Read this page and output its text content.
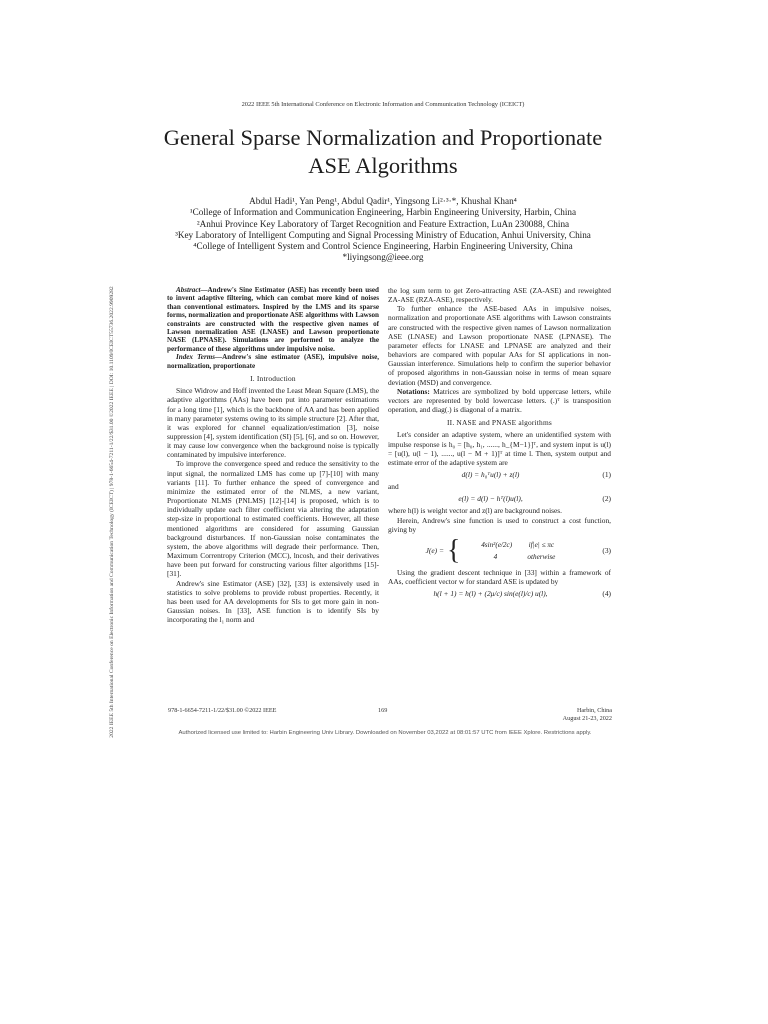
2022 IEEE 5th International Conference on Electronic Information and Communication Technology (ICEICT) | 978-1-6654-7211-1/22/$31.00 ©2022 IEEE | DOI: 10.1109/ICEICT55736.2022.9909282
2022 IEEE 5th International Conference on Electronic Information and Communication Technology (ICEICT)
General Sparse Normalization and Proportionate ASE Algorithms
Abdul Hadi¹, Yan Peng¹, Abdul Qadir¹, Yingsong Li²·³·*, Khushal Khan⁴
¹College of Information and Communication Engineering, Harbin Engineering University, Harbin, China
²Anhui Province Key Laboratory of Target Recognition and Feature Extraction, LuAn 230088, China
³Key Laboratory of Intelligent Computing and Signal Processing Ministry of Education, Anhui University, China
⁴College of Intelligent System and Control Science Engineering, Harbin Engineering University, China
*liyingsong@ieee.org

Abstract—Andrew's Sine Estimator (ASE) has recently been used to invent adaptive filtering, which can combat more kind of noises than conventional estimators. Inspired by the LMS and its sparse forms, normalization and proportionate ASE algorithms with Lawson constraints are constructed with the respective given names of Lawson normalization ASE (LNASE) and Lawson proportionate NASE (LPNASE). Simulations are performed to analyze the performance of these algorithms under impulsive noise.

Index Terms—Andrew's sine estimator (ASE), impulsive noise, normalization, proportionate

I. Introduction

Since Widrow and Hoff invented the Least Mean Square (LMS), the adaptive algorithms (AAs) have been put into parameter estimations for a long time [1], which is the backbone of AA and has been applied in many parameter systems owing to its simple structure [2]. After that, it was explored for channel equalization/estimation [3], noise suppression [4], system identification (SI) [5], [6], and so on. However, it may cause low convergence when the background noise is typically contaminated by impulsive interference.

To improve the convergence speed and reduce the sensitivity to the input signal, the normalized LMS has come up [7]-[10] with many variants [11]. To further enhance the speed of convergence and minimize the estimated error of the NLMS, a new variant, Proportionate NLMS (PNLMS) [12]-[14] is proposed, which is to individually update each filter coefficient via altering the adaptation step-size in proportional to estimated coefficients. However, all these mentioned algorithms are considered for assuming Gaussian background disturbances. If non-Gaussian noise contaminates the system, the above algorithms will degrade their performance. Then, Maximum Correntropy Criterion (MCC), lncosh, and their derivatives have been put forward for constructing various filter algorithms [15]-[31].

Andrew's sine Estimator (ASE) [32], [33] is extensively used in statistics to solve problems to provide robust properties. Recently, it has been used for AA developments for SIs to get more gain in non-Gaussian noises. In [33], ASE function is to identify SIs by incorporating the l₁ norm and

the log sum term to get Zero-attracting ASE (ZA-ASE) and reweighted ZA-ASE (RZA-ASE), respectively.

To further enhance the ASE-based AAs in impulsive noises, normalization and proportionate ASE algorithms with Lawson constraints are constructed with the respective given names of Lawson normalization ASE (LNASE) and Lawson proportionate NASE (LPNASE). The parameter effects for LNASE and LPNASE are analyzed and their behaviors are compared with popular AAs for SI applications in non-Gaussian interference. Simulations help to confirm the superior behavior of proposed algorithms in non-Gaussian noise in terms of mean square deviation (MSD) and convergence.

Notations: Matrices are symbolized by bold uppercase letters, while vectors are represented by bold lowercase letters. (.)ᵀ is transposition operation, and diag(.) is diagonal of a matrix.

II. NASE and PNASE algorithms

Let's consider an adaptive system, where an unidentified system with impulse response is h₀ = [h₀, h₁, ......, h_{M−1}]ᵀ, and system input is u(l) = [u(l), u(l − 1), ......, u(l − M + 1)]ᵀ at time l. Then, system output and estimate error of the adaptive system are

d(l) = h₀ᵀu(l) + z(l)	(1)

and

e(l) = d(l) − hᵀ(l)u(l),	(2)

where h(l) is weight vector and z(l) are background noises.

Herein, Andrew's sine function is used to construct a cost function, giving by

J(e) = {	4sin²(e/2c) if|e| ≤ πc
4	otherwise
(3)

Using the gradient descent technique in [33] within a framework of AAs, coefficient vector w for standard ASE is updated by

h(l + 1) = h(l) + (2μ/c) sin(e(l)/c) u(l),	(4)
978-1-6654-7211-1/22/$31.00 ©2022 IEEE	169	Harbin, China
August 21-23, 2022
Authorized licensed use limited to: Harbin Engineering Univ Library. Downloaded on November 03,2022 at 08:01:57 UTC from IEEE Xplore. Restrictions apply.
